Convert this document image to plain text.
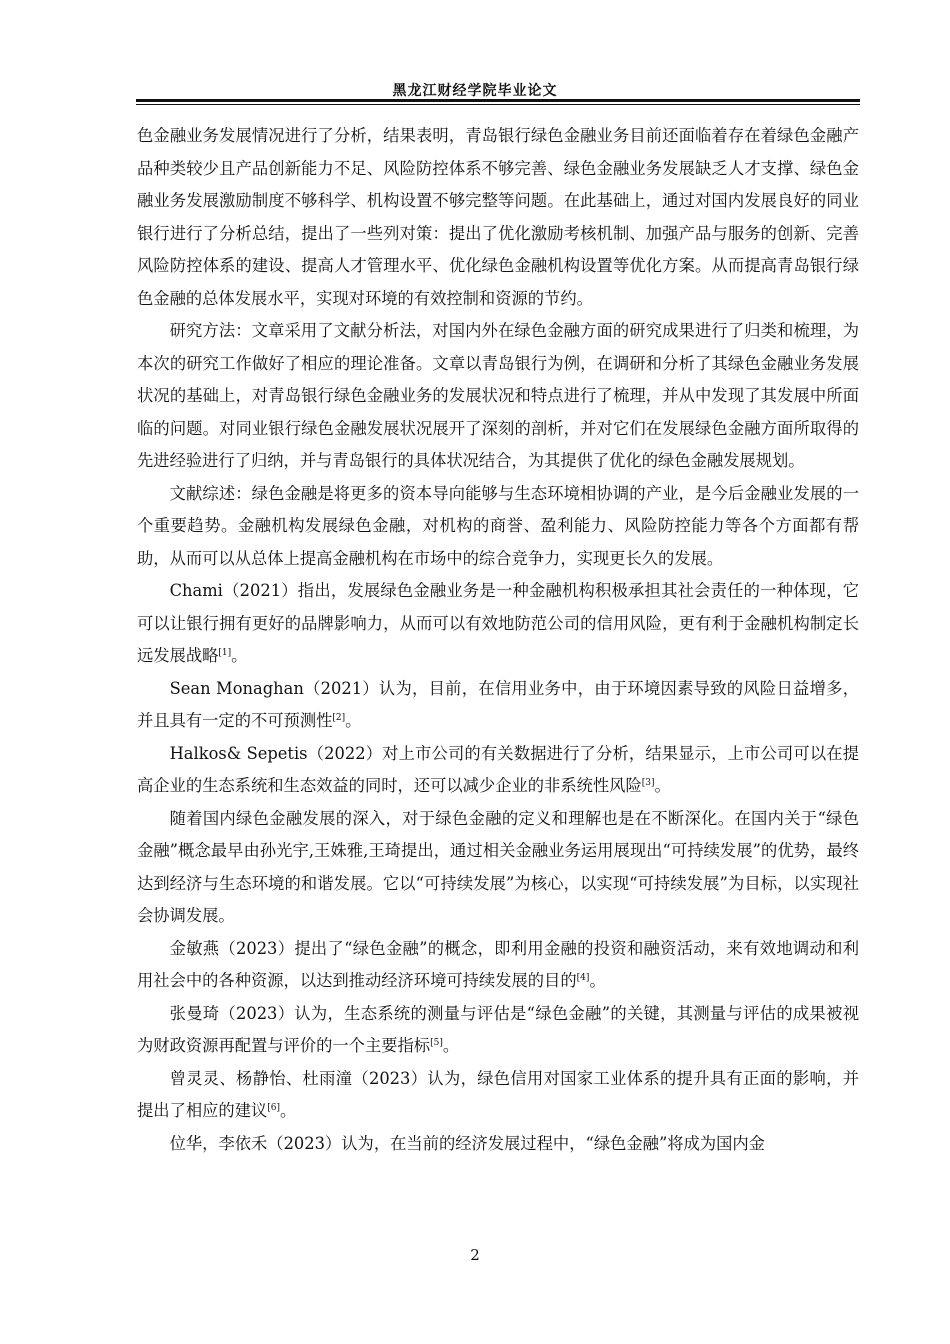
黑龙江财经学院毕业论文

色金融业务发展情况进行了分析，结果表明，青岛银行绿色金融业务目前还面临着存在着绿色金融产品种类较少且产品创新能力不足、风险防控体系不够完善、绿色金融业务发展缺乏人才支撑、绿色金融业务发展激励制度不够科学、机构设置不够完整等问题。在此基础上，通过对国内发展良好的同业银行进行了分析总结，提出了一些列对策：提出了优化激励考核机制、加强产品与服务的创新、完善风险防控体系的建设、提高人才管理水平、优化绿色金融机构设置等优化方案。从而提高青岛银行绿色金融的总体发展水平，实现对环境的有效控制和资源的节约。

研究方法：文章采用了文献分析法，对国内外在绿色金融方面的研究成果进行了归类和梳理，为本次的研究工作做好了相应的理论准备。文章以青岛银行为例，在调研和分析了其绿色金融业务发展状况的基础上，对青岛银行绿色金融业务的发展状况和特点进行了梳理，并从中发现了其发展中所面临的问题。对同业银行绿色金融发展状况展开了深刻的剖析，并对它们在发展绿色金融方面所取得的先进经验进行了归纳，并与青岛银行的具体状况结合，为其提供了优化的绿色金融发展规划。

文献综述：绿色金融是将更多的资本导向能够与生态环境相协调的产业，是今后金融业发展的一个重要趋势。金融机构发展绿色金融，对机构的商誉、盈利能力、风险防控能力等各个方面都有帮助，从而可以从总体上提高金融机构在市场中的综合竞争力，实现更长久的发展。

Chami（2021）指出，发展绿色金融业务是一种金融机构积极承担其社会责任的一种体现，它可以让银行拥有更好的品牌影响力，从而可以有效地防范公司的信用风险，更有利于金融机构制定长远发展战略[1]。

Sean Monaghan（2021）认为，目前，在信用业务中，由于环境因素导致的风险日益增多，并且具有一定的不可预测性[2]。

Halkos& Sepetis（2022）对上市公司的有关数据进行了分析，结果显示，上市公司可以在提高企业的生态系统和生态效益的同时，还可以减少企业的非系统性风险[3]。

随着国内绿色金融发展的深入，对于绿色金融的定义和理解也是在不断深化。在国内关于“绿色金融”概念最早由孙光宇,王姝雅,王琦提出，通过相关金融业务运用展现出“可持续发展”的优势，最终达到经济与生态环境的和谐发展。它以“可持续发展”为核心，以实现“可持续发展”为目标，以实现社会协调发展。

金敏燕（2023）提出了“绿色金融”的概念，即利用金融的投资和融资活动，来有效地调动和利用社会中的各种资源，以达到推动经济环境可持续发展的目的[4]。

张曼琦（2023）认为，生态系统的测量与评估是“绿色金融”的关键，其测量与评估的成果被视为财政资源再配置与评价的一个主要指标[5]。

曾灵灵、杨静怡、杜雨潼（2023）认为，绿色信用对国家工业体系的提升具有正面的影响，并提出了相应的建议[6]。

位华，李依禾（2023）认为，在当前的经济发展过程中，“绿色金融”将成为国内金

2
